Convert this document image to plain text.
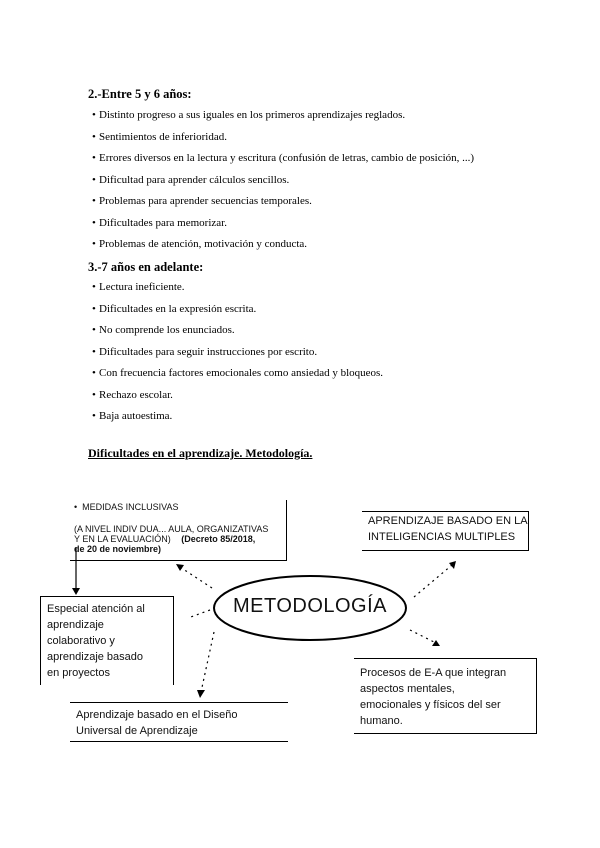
2.-Entre 5 y 6 años:
• Distinto progreso a sus iguales en los primeros aprendizajes reglados.
• Sentimientos de inferioridad.
• Errores diversos en la lectura y escritura (confusión de letras, cambio de posición, ...)
• Dificultad para aprender cálculos sencillos.
• Problemas para aprender secuencias temporales.
• Dificultades para memorizar.
• Problemas de atención, motivación y conducta.
3.-7 años en adelante:
• Lectura ineficiente.
• Dificultades en la expresión escrita.
• No comprende los enunciados.
• Dificultades para seguir instrucciones por escrito.
• Con frecuencia factores emocionales como ansiedad y bloqueos.
• Rechazo escolar.
• Baja autoestima.
Dificultades en el aprendizaje. Metodología.
METODOLOGÍA
• MEDIDAS INCLUSIVAS
(A NIVEL INDIV DUA... AULA, ORGANIZATIVAS
Y EN LA EVALUACIÓN) (Decreto 85/2018,
de 20 de noviembre)
APRENDIZAJE BASADO EN LA
INTELIGENCIAS MULTIPLES
Especial atención al
aprendizaje
colaborativo y
aprendizaje basado
en proyectos	Procesos de E-A que integran
aspectos mentales,
emocionales y físicos del ser
humano.
Aprendizaje basado en el Diseño
Universal de Aprendizaje
